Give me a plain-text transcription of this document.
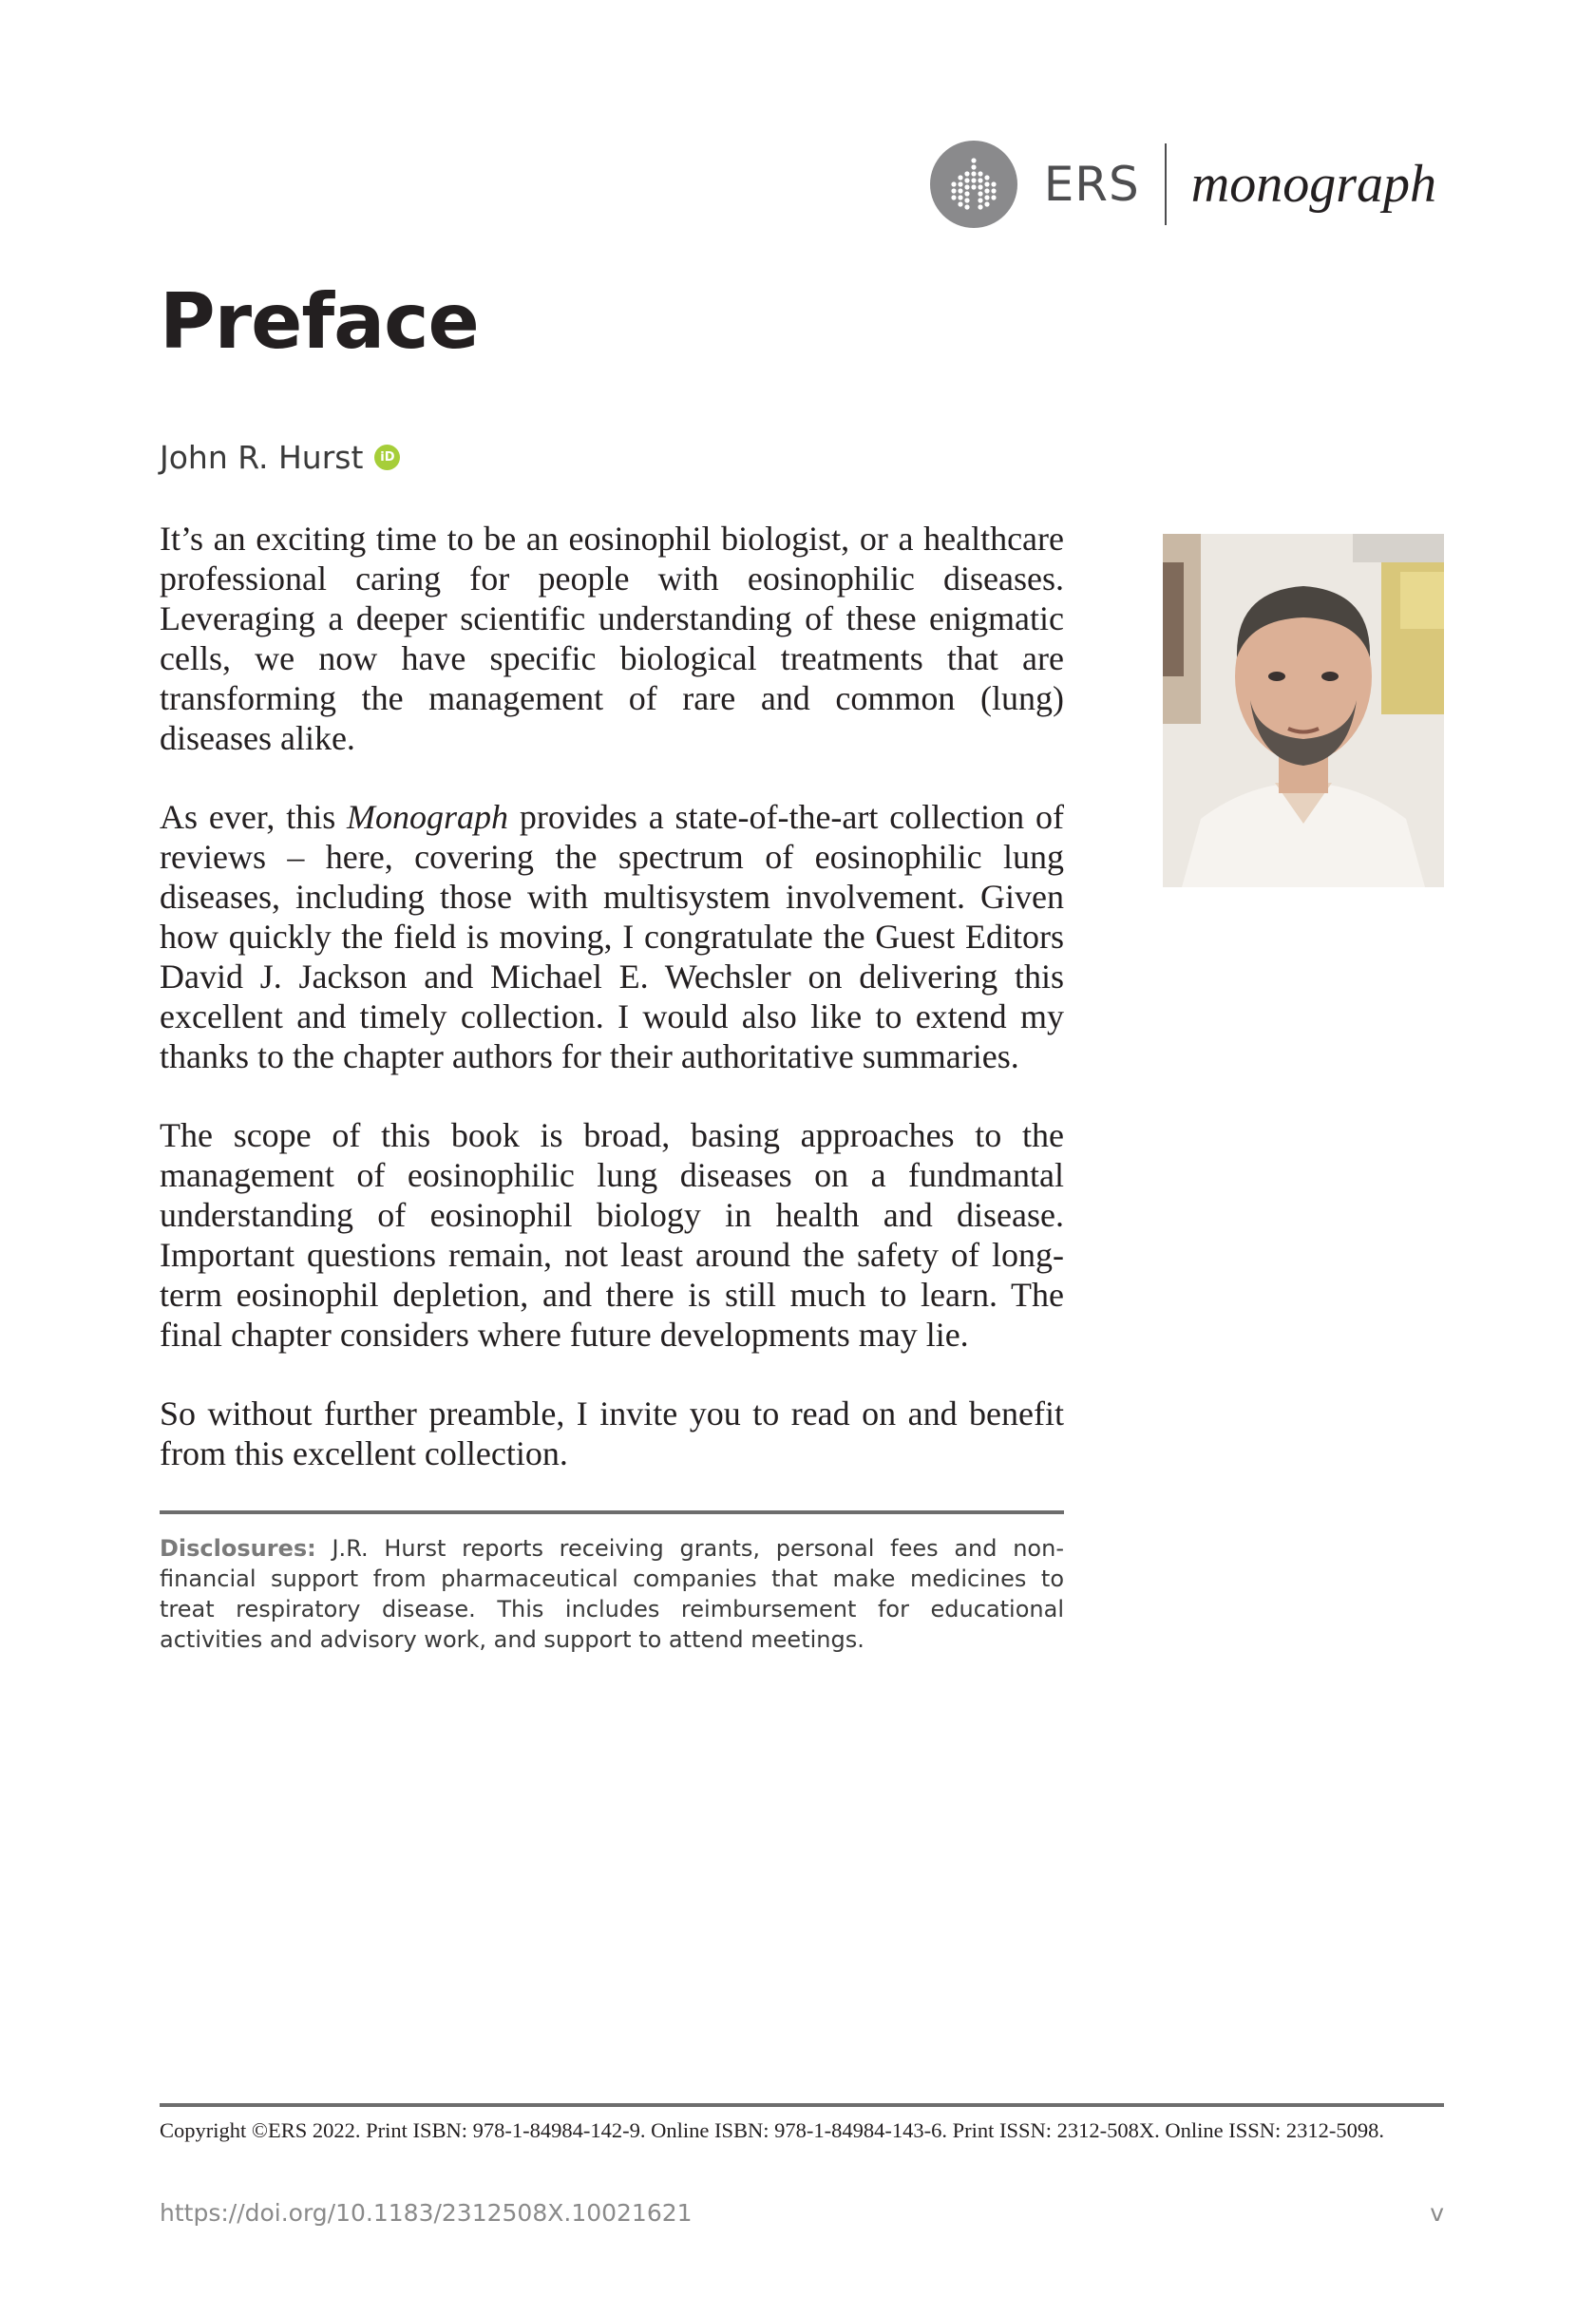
ERS monograph
Preface
John R. Hurst	iD

It’s an exciting time to be an eosinophil biologist, or a healthcare professional caring for people with eosinophilic diseases. Leveraging a deeper scientific understanding of these enigmatic cells, we now have specific biological treatments that are transforming the management of rare and common (lung) diseases alike.

As ever, this Monograph provides a state-of-the-art collection of reviews – here, covering the spectrum of eosinophilic lung diseases, including those with multisystem involvement. Given how quickly the field is moving, I congratulate the Guest Editors David J. Jackson and Michael E. Wechsler on delivering this excellent and timely collection. I would also like to extend my thanks to the chapter authors for their authoritative summaries.

The scope of this book is broad, basing approaches to the management of eosinophilic lung diseases on a fundmantal understanding of eosinophil biology in health and disease. Important questions remain, not least around the safety of long-term eosinophil depletion, and there is still much to learn. The final chapter considers where future developments may lie.

So without further preamble, I invite you to read on and benefit from this excellent collection.

Disclosures: J.R. Hurst reports receiving grants, personal fees and non-financial support from pharmaceutical companies that make medicines to treat respiratory disease. This includes reimbursement for educational activities and advisory work, and support to attend meetings.

Copyright ©ERS 2022. Print ISBN: 978-1-84984-142-9. Online ISBN: 978-1-84984-143-6. Print ISSN: 2312-508X. Online ISSN: 2312-5098.
https://doi.org/10.1183/2312508X.10021621	v
